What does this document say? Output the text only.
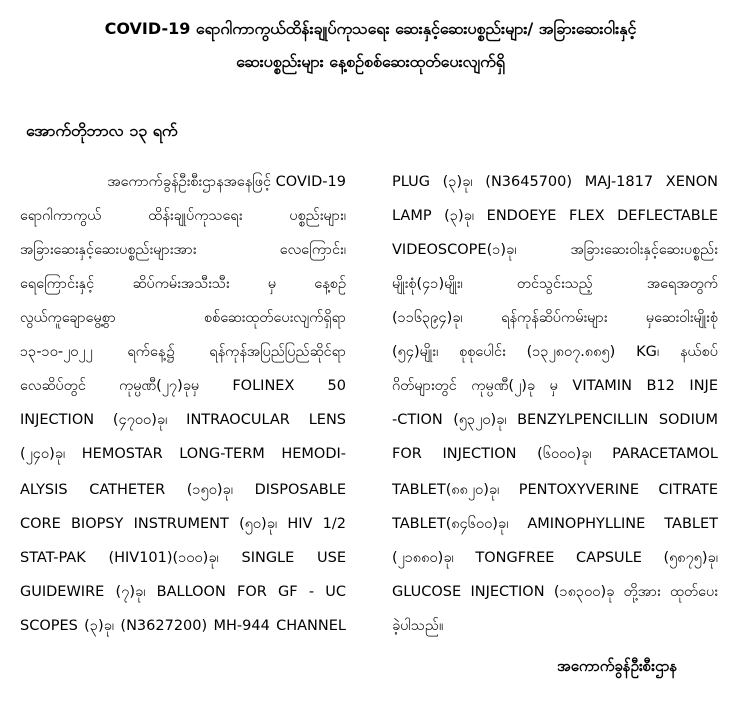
COVID-19 ရောဂါကာကွယ်ထိန်းချုပ်ကုသရေး ဆေးနှင့်ဆေးပစ္စည်းများ/ အခြားဆေးဝါးနှင့်
ဆေးပစ္စည်းများ နေ့စဉ်စစ်ဆေးထုတ်ပေးလျက်ရှိ
အောက်တိုဘာလ ၁၃ ရက်
အကောက်ခွန်ဦးစီးဌာနအနေဖြင့် COVID-19
ရောဂါကာကွယ် ထိန်းချုပ်ကုသရေး ပစ္စည်းများ၊
အခြားဆေးနှင့်ဆေးပစ္စည်းများအား လေကြောင်း၊
ရေကြောင်းနှင့် ဆိပ်ကမ်းအသီးသီး မှ နေ့စဉ်
လွယ်ကူချောမွေ့စွာ စစ်ဆေးထုတ်ပေးလျက်ရှိရာ
၁၃-၁၀-၂၀၂၂ ရက်နေ့၌ ရန်ကုန်အပြည်ပြည်ဆိုင်ရာ
လေဆိပ်တွင် ကုမ္ပဏီ(၂၇)ခုမှ FOLINEX 50
INJECTION (၄၇၀၀)ခု၊ INTRAOCULAR LENS
(၂၄၀)ခု၊ HEMOSTAR LONG-TERM HEMODI-
ALYSIS CATHETER (၁၅၀)ခု၊ DISPOSABLE
CORE BIOPSY INSTRUMENT (၅၀)ခု၊ HIV 1/2
STAT-PAK (HIV101)(၁၀၀)ခု၊ SINGLE USE
GUIDEWIRE (၇)ခု၊ BALLOON FOR GF - UC
SCOPES (၃)ခု၊ (N3627200) MH-944 CHANNEL
PLUG (၃)ခု၊ (N3645700) MAJ-1817 XENON
LAMP (၃)ခု၊ ENDOEYE FLEX DEFLECTABLE
VIDEOSCOPE(၁)ခု၊ အခြားဆေးဝါးနှင့်ဆေးပစ္စည်း
မျိုးစုံ(၄၁)မျိုး၊ တင်သွင်းသည့် အရေအတွက်
(၁၁၆၃၉၄)ခု၊ ရန်ကုန်ဆိပ်ကမ်းများ မှဆေးဝါးမျိုးစုံ
(၅၄)မျိုး၊ စုစုပေါင်း (၁၃၂၈၀၇.၈၈၅) KG၊ နယ်စပ်
ဂိတ်များတွင် ကုမ္ပဏီ(၂)ခု မှ VITAMIN B12 INJE
-CTION (၅၃၂၀)ခု၊ BENZYLPENCILLIN SODIUM
FOR INJECTION (၆၀၀၀)ခု၊ PARACETAMOL
TABLET(၈၈၂၀)ခု၊ PENTOXYVERINE CITRATE
TABLET(၈၄၆၀၀)ခု၊ AMINOPHYLLINE TABLET
(၂၁၈၈၀)ခု၊ TONGFREE CAPSULE (၅၈၇၅)ခု၊
GLUCOSE INJECTION (၁၈၃၀၀)ခု တို့အား ထုတ်ပေး
ခဲ့ပါသည်။
အကောက်ခွန်ဦးစီးဌာန
